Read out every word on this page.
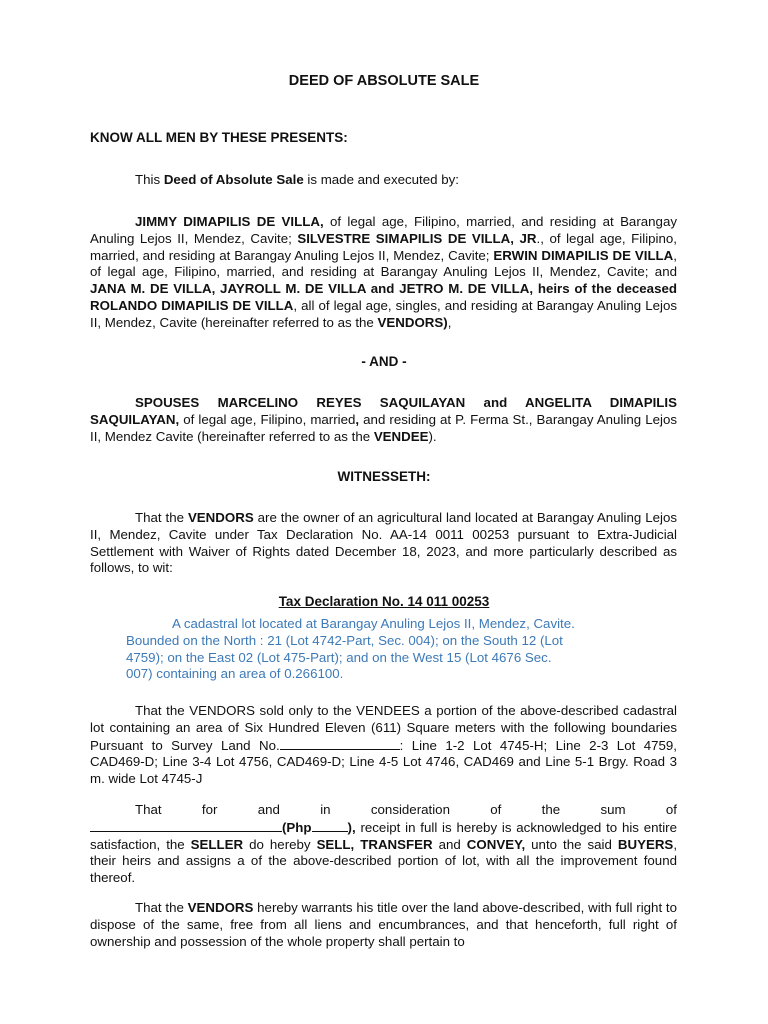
DEED OF ABSOLUTE SALE
KNOW ALL MEN BY THESE PRESENTS:

This Deed of Absolute Sale is made and executed by:

JIMMY DIMAPILIS DE VILLA, of legal age, Filipino, married, and residing at Barangay Anuling Lejos II, Mendez, Cavite; SILVESTRE SIMAPILIS DE VILLA, JR., of legal age, Filipino, married, and residing at Barangay Anuling Lejos II, Mendez, Cavite; ERWIN DIMAPILIS DE VILLA, of legal age, Filipino, married, and residing at Barangay Anuling Lejos II, Mendez, Cavite; and JANA M. DE VILLA, JAYROLL M. DE VILLA and JETRO M. DE VILLA, heirs of the deceased ROLANDO DIMAPILIS DE VILLA, all of legal age, singles, and residing at Barangay Anuling Lejos II, Mendez, Cavite (hereinafter referred to as the VENDORS),

- AND -

SPOUSES MARCELINO REYES SAQUILAYAN and ANGELITA DIMAPILIS SAQUILAYAN, of legal age, Filipino, married, and residing at P. Ferma St., Barangay Anuling Lejos II, Mendez Cavite (hereinafter referred to as the VENDEE).

WITNESSETH:

That the VENDORS are the owner of an agricultural land located at Barangay Anuling Lejos II, Mendez, Cavite under Tax Declaration No. AA-14 0011 00253 pursuant to Extra-Judicial Settlement with Waiver of Rights dated December 18, 2023, and more particularly described as follows, to wit:

Tax Declaration No. 14 011 00253
A cadastral lot located at Barangay Anuling Lejos II, Mendez, Cavite.
Bounded on the North : 21 (Lot 4742-Part, Sec. 004); on the South 12 (Lot
4759); on the East 02 (Lot 475-Part); and on the West 15 (Lot 4676 Sec.
007) containing an area of 0.266100.

That the VENDORS sold only to the VENDEES a portion of the above-described cadastral lot containing an area of Six Hundred Eleven (611) Square meters with the following boundaries Pursuant to Survey Land No.	: Line 1-2 Lot 4745-H; Line 2-3 Lot 4759, CAD469-D; Line 3-4 Lot 4756, CAD469-D; Line 4-5 Lot 4746, CAD469 and Line 5-1 Brgy. Road 3 m. wide Lot 4745-J

That	for	and	in	consideration	of	the	sum	of
(Php	), receipt in full is hereby is acknowledged to his entire satisfaction, the SELLER do hereby SELL, TRANSFER and CONVEY, unto the said BUYERS, their heirs and assigns a of the above-described portion of lot, with all the improvement found thereof.

That the VENDORS hereby warrants his title over the land above-described, with full right to dispose of the same, free from all liens and encumbrances, and that henceforth, full right of ownership and possession of the whole property shall pertain to
